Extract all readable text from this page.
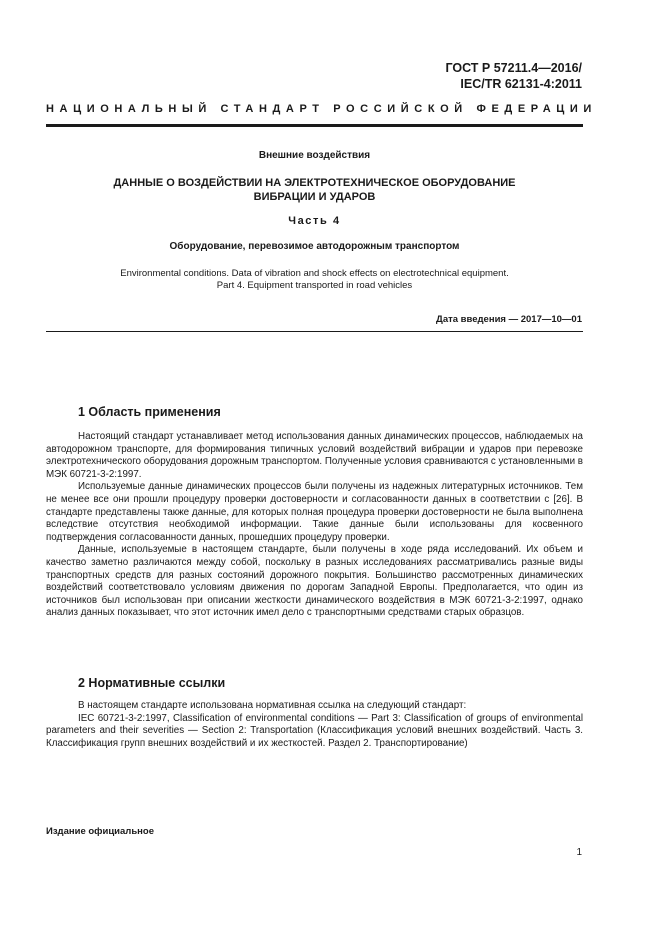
ГОСТ Р 57211.4—2016/
IEC/TR 62131-4:2011
НАЦИОНАЛЬНЫЙ СТАНДАРТ РОССИЙСКОЙ ФЕДЕРАЦИИ
Внешние воздействия
ДАННЫЕ О ВОЗДЕЙСТВИИ НА ЭЛЕКТРОТЕХНИЧЕСКОЕ ОБОРУДОВАНИЕ
ВИБРАЦИИ И УДАРОВ
Часть 4
Оборудование, перевозимое автодорожным транспортом
Environmental conditions. Data of vibration and shock effects on electrotechnical equipment.
Part 4. Equipment transported in road vehicles
Дата введения — 2017—10—01
1 Область применения

Настоящий стандарт устанавливает метод использования данных динамических процессов, наблюдаемых на автодорожном транспорте, для формирования типичных условий воздействий вибрации и ударов при перевозке электротехнического оборудования дорожным транспортом. Полученные условия сравниваются с установленными в МЭК 60721-3-2:1997.

Используемые данные динамических процессов были получены из надежных литературных источников. Тем не менее все они прошли процедуру проверки достоверности и согласованности данных в соответствии с [26]. В стандарте представлены также данные, для которых полная процедура проверки достоверности не была выполнена вследствие отсутствия необходимой информации. Такие данные были использованы для косвенного подтверждения согласованности данных, прошедших процедуру проверки.

Данные, используемые в настоящем стандарте, были получены в ходе ряда исследований. Их объем и качество заметно различаются между собой, поскольку в разных исследованиях рассматривались разные виды транспортных средств для разных состояний дорожного покрытия. Большинство рассмотренных динамических воздействий соответствовало условиям движения по дорогам Западной Европы. Предполагается, что один из источников был использован при описании жесткости динамического воздействия в МЭК 60721-3-2:1997, однако анализ данных показывает, что этот источник имел дело с транспортными средствами старых образцов.

2 Нормативные ссылки

В настоящем стандарте использована нормативная ссылка на следующий стандарт:

IEC 60721-3-2:1997, Classification of environmental conditions — Part 3: Classification of groups of environmental parameters and their severities — Section 2: Transportation (Классификация условий внешних воздействий. Часть 3. Классификация групп внешних воздействий и их жесткостей. Раздел 2. Транспортирование)

Издание официальное
1
